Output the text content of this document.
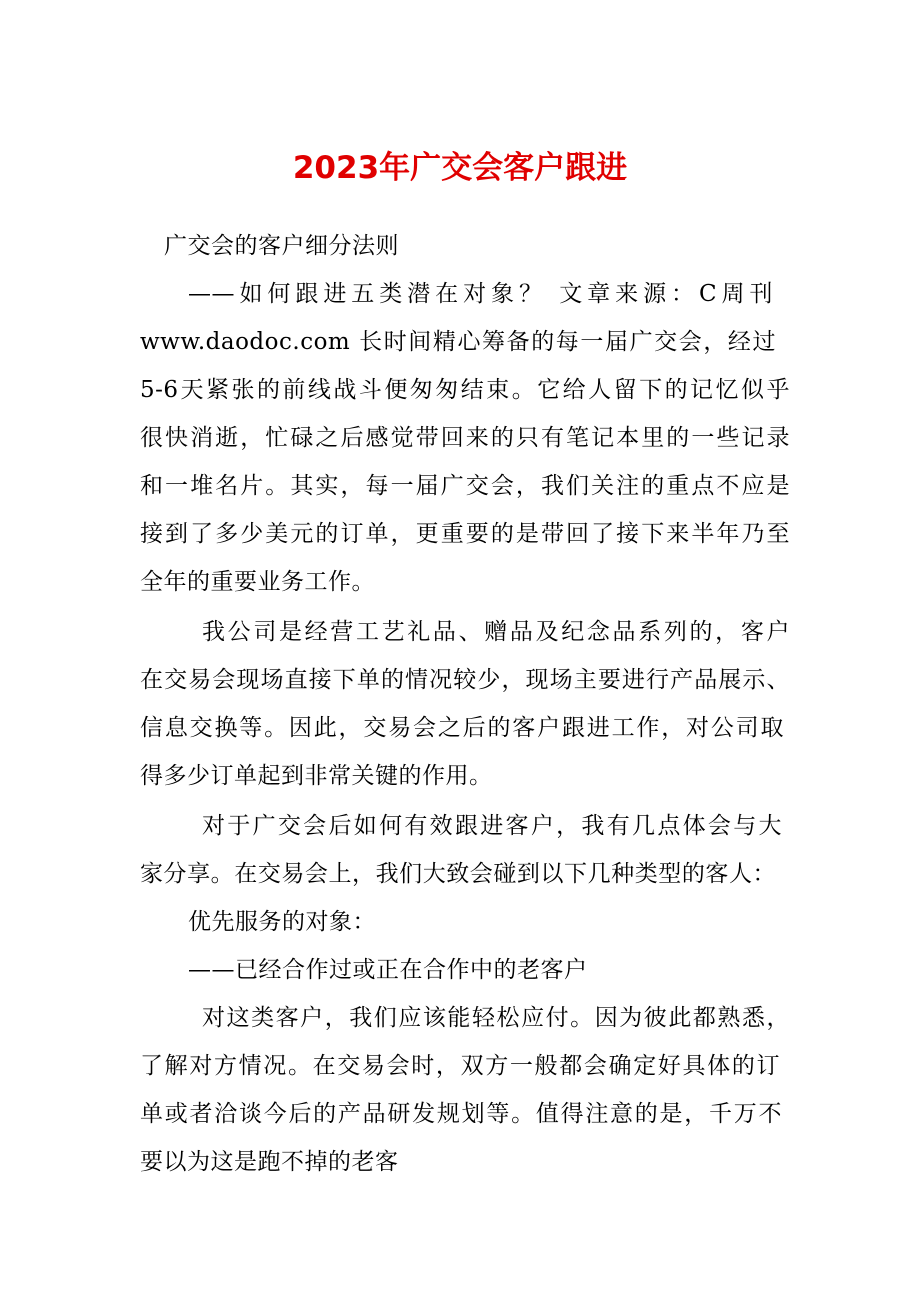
2023年广交会客户跟进
广交会的客户细分法则
——如何跟进五类潜在对象？ 文章来源：C周刊
www.daodoc.com 长时间精心筹备的每一届广交会，经过
5-6天紧张的前线战斗便匆匆结束。它给人留下的记忆似乎
很快消逝，忙碌之后感觉带回来的只有笔记本里的一些记录
和一堆名片。其实，每一届广交会，我们关注的重点不应是
接到了多少美元的订单，更重要的是带回了接下来半年乃至
全年的重要业务工作。
我公司是经营工艺礼品、赠品及纪念品系列的，客户
在交易会现场直接下单的情况较少，现场主要进行产品展示、
信息交换等。因此，交易会之后的客户跟进工作，对公司取
得多少订单起到非常关键的作用。
对于广交会后如何有效跟进客户，我有几点体会与大
家分享。在交易会上，我们大致会碰到以下几种类型的客人：
优先服务的对象：
——已经合作过或正在合作中的老客户
对这类客户，我们应该能轻松应付。因为彼此都熟悉，
了解对方情况。在交易会时，双方一般都会确定好具体的订
单或者洽谈今后的产品研发规划等。值得注意的是，千万不
要以为这是跑不掉的老客
